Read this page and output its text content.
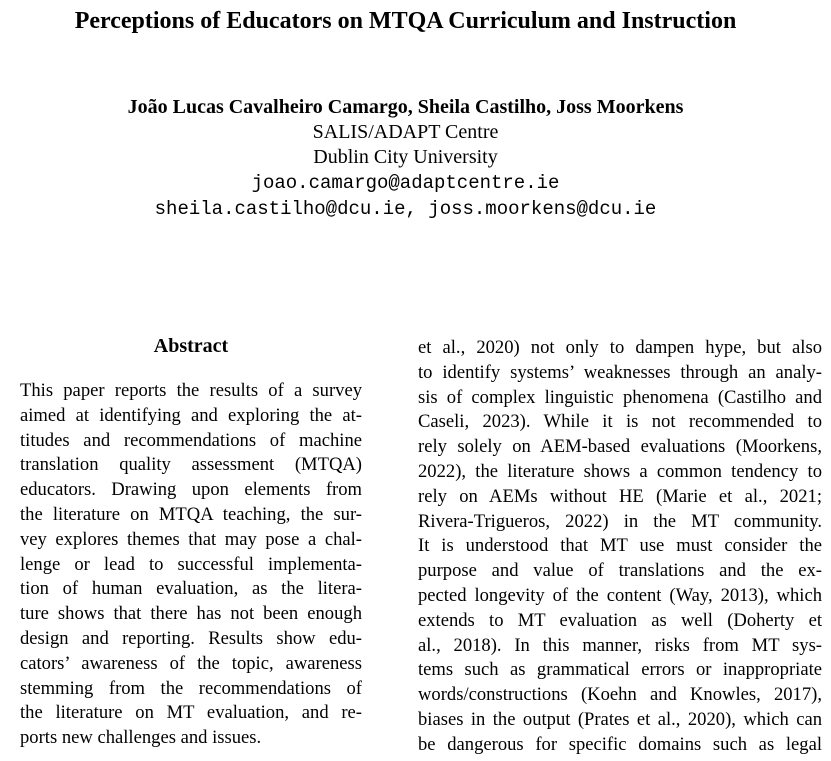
Perceptions of Educators on MTQA Curriculum and Instruction
João Lucas Cavalheiro Camargo, Sheila Castilho, Joss Moorkens
SALIS/ADAPT Centre
Dublin City University
joao.camargo@adaptcentre.ie
sheila.castilho@dcu.ie, joss.moorkens@dcu.ie
Abstract
This paper reports the results of a survey
aimed at identifying and exploring the at-
titudes and recommendations of machine
translation quality assessment (MTQA)
educators. Drawing upon elements from
the literature on MTQA teaching, the sur-
vey explores themes that may pose a chal-
lenge or lead to successful implementa-
tion of human evaluation, as the litera-
ture shows that there has not been enough
design and reporting. Results show edu-
cators’ awareness of the topic, awareness
stemming from the recommendations of
the literature on MT evaluation, and re-
ports new challenges and issues.
et al., 2020) not only to dampen hype, but also
to identify systems’ weaknesses through an analy-
sis of complex linguistic phenomena (Castilho and
Caseli, 2023). While it is not recommended to
rely solely on AEM-based evaluations (Moorkens,
2022), the literature shows a common tendency to
rely on AEMs without HE (Marie et al., 2021;
Rivera-Trigueros, 2022) in the MT community.
It is understood that MT use must consider the
purpose and value of translations and the ex-
pected longevity of the content (Way, 2013), which
extends to MT evaluation as well (Doherty et
al., 2018). In this manner, risks from MT sys-
tems such as grammatical errors or inappropriate
words/constructions (Koehn and Knowles, 2017),
biases in the output (Prates et al., 2020), which can
be dangerous for specific domains such as legal
